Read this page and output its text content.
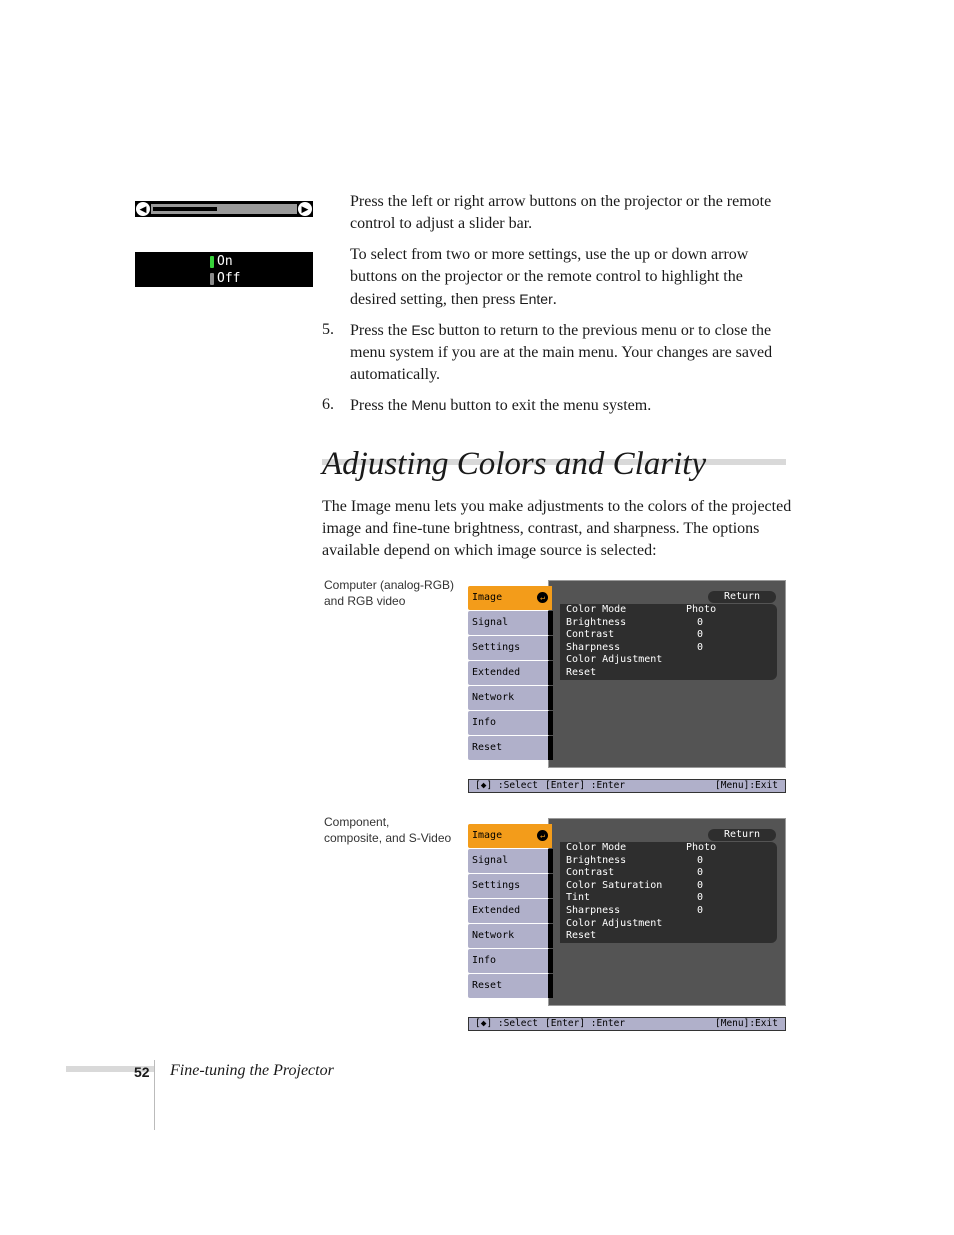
◀	▶
On
Off
Press the left or right arrow buttons on the projector or the remote control to adjust a slider bar.
To select from two or more settings, use the up or down arrow buttons on the projector or the remote control to highlight the desired setting, then press Enter.
5. Press the Esc button to return to the previous menu or to close the menu system if you are at the main menu. Your changes are saved automatically.
6. Press the Menu button to exit the menu system.
Adjusting Colors and Clarity
The Image menu lets you make adjustments to the colors of the projected image and fine-tune brightness, contrast, and sharpness. The options available depend on which image source is selected:
Computer (analog-RGB)
and RGB video	Image	↵
Signal
Settings
Extended
Network
Info
Reset
Return
Color Mode	Photo
Brightness	0
Contrast	0
Sharpness	0
Color Adjustment
Reset
[◆] :Select [Enter] :Enter	[Menu]:Exit
Component,
composite, and S-Video Image	↵
Signal
Settings
Extended
Network
Info
Reset
Return
Color Mode	Photo
Brightness	0
Contrast	0
Color Saturation	0
Tint	0
Sharpness	0
Color Adjustment
Reset
[◆] :Select [Enter] :Enter	[Menu]:Exit
52 Fine-tuning the Projector
